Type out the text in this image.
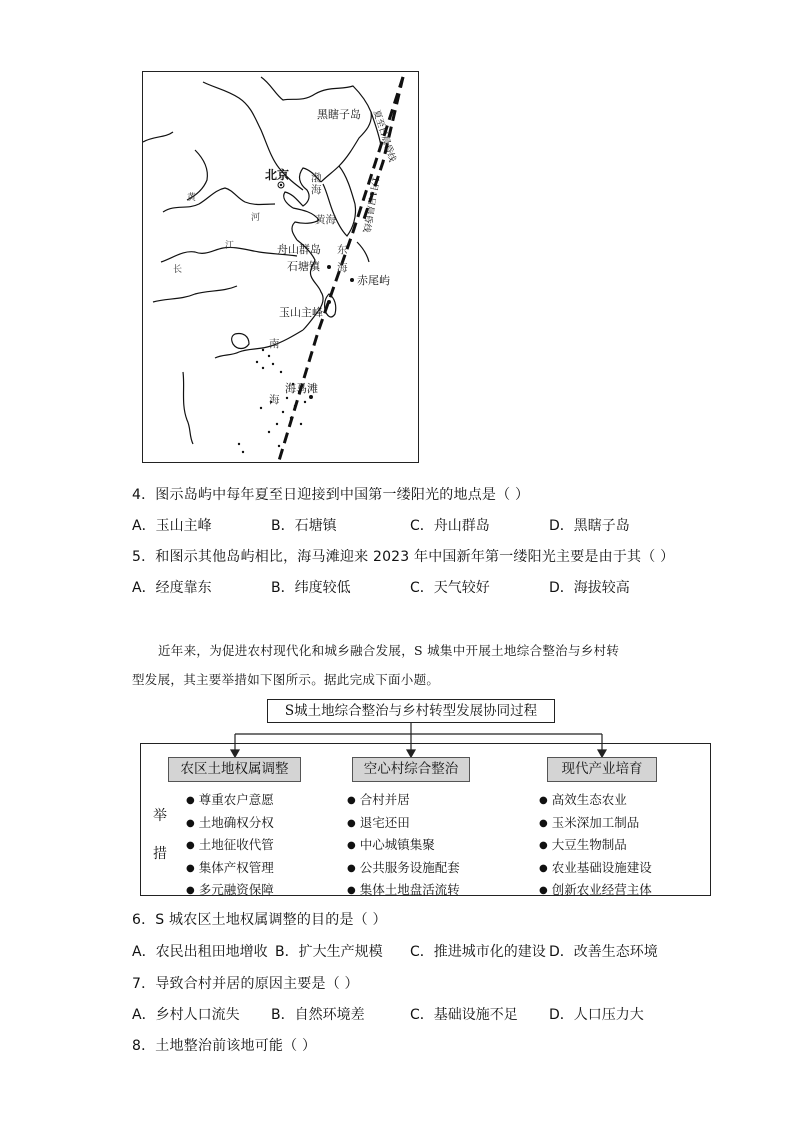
黑瞎子岛
北京
舟山群岛
石塘镇
赤尾屿
玉山主峰
海马滩
渤
海
黄海
东
海
南
海
黄
河
江
长
夏至日晨昏线
1月1日晨昏线
4．图示岛屿中每年夏至日迎接到中国第一缕阳光的地点是（ ）
A．玉山主峰	B．石塘镇	C．舟山群岛	D．黑瞎子岛
5．和图示其他岛屿相比，海马滩迎来 2023 年中国新年第一缕阳光主要是由于其（ ）
A．经度靠东	B．纬度较低	C．天气较好	D．海拔较高
近年来，为促进农村现代化和城乡融合发展，S 城集中开展土地综合整治与乡村转
型发展，其主要举措如下图所示。据此完成下面小题。
S城土地综合整治与乡村转型发展协同过程
农区土地权属调整	空心村综合整治	现代产业培育
举
措
● 尊重农户意愿
● 土地确权分权
● 土地征收代管
● 集体产权管理
● 多元融资保障
● 合村并居
● 退宅还田
● 中心城镇集聚
● 公共服务设施配套
● 集体土地盘活流转
● 高效生态农业
● 玉米深加工制品
● 大豆生物制品
● 农业基础设施建设
● 创新农业经营主体
6．S 城农区土地权属调整的目的是（ ）
A．农民出租田地增收 B．扩大生产规模 C．推进城市化的建设 D．改善生态环境
7．导致合村并居的原因主要是（ ）
A．乡村人口流失 B．自然环境差	C．基础设施不足 D．人口压力大
8．土地整治前该地可能（ ）
